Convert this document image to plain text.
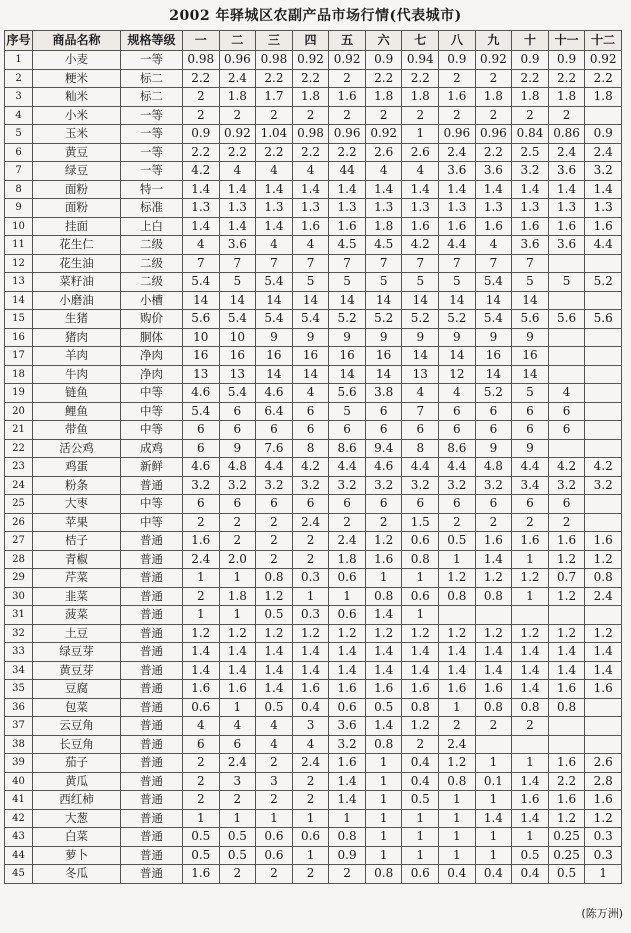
2002 年驿城区农副产品市场行情(代表城市)
序号	商品名称	规格等级	一	二	三	四	五	六	七	八	九	十	十一	十二
1	小麦	一等	0.98	0.96	0.98	0.92	0.92	0.9	0.94	0.9	0.92	0.9	0.9	0.92
2	粳米	标二	2.2	2.4	2.2	2.2	2	2.2	2.2	2	2	2.2	2.2	2.2
3	籼米	标二	2	1.8	1.7	1.8	1.6	1.8	1.8	1.6	1.8	1.8	1.8	1.8
4	小米	一等	2	2	2	2	2	2	2	2	2	2	2	
5	玉米	一等	0.9	0.92	1.04	0.98	0.96	0.92	1	0.96	0.96	0.84	0.86	0.9
6	黄豆	一等	2.2	2.2	2.2	2.2	2.2	2.6	2.6	2.4	2.2	2.5	2.4	2.4
7	绿豆	一等	4.2	4	4	4	44	4	4	3.6	3.6	3.2	3.6	3.2
8	面粉	特一	1.4	1.4	1.4	1.4	1.4	1.4	1.4	1.4	1.4	1.4	1.4	1.4
9	面粉	标准	1.3	1.3	1.3	1.3	1.3	1.3	1.3	1.3	1.3	1.3	1.3	1.3
10	挂面	上白	1.4	1.4	1.4	1.6	1.6	1.8	1.6	1.6	1.6	1.6	1.6	1.6
11	花生仁	二级	4	3.6	4	4	4.5	4.5	4.2	4.4	4	3.6	3.6	4.4
12	花生油	二级	7	7	7	7	7	7	7	7	7	7		
13	菜籽油	二级	5.4	5	5.4	5	5	5	5	5	5.4	5	5	5.2
14	小磨油	小槽	14	14	14	14	14	14	14	14	14	14		
15	生猪	购价	5.6	5.4	5.4	5.4	5.2	5.2	5.2	5.2	5.4	5.6	5.6	5.6
16	猪肉	胴体	10	10	9	9	9	9	9	9	9	9		
17	羊肉	净肉	16	16	16	16	16	16	14	14	16	16		
18	牛肉	净肉	13	13	14	14	14	14	13	12	14	14		
19	链鱼	中等	4.6	5.4	4.6	4	5.6	3.8	4	4	5.2	5	4	
20	鲤鱼	中等	5.4	6	6.4	6	5	6	7	6	6	6	6	
21	带鱼	中等	6	6	6	6	6	6	6	6	6	6	6	
22	活公鸡	成鸡	6	9	7.6	8	8.6	9.4	8	8.6	9	9		
23	鸡蛋	新鲜	4.6	4.8	4.4	4.2	4.4	4.6	4.4	4.4	4.8	4.4	4.2	4.2
24	粉条	普通	3.2	3.2	3.2	3.2	3.2	3.2	3.2	3.2	3.2	3.4	3.2	3.2
25	大枣	中等	6	6	6	6	6	6	6	6	6	6	6	
26	苹果	中等	2	2	2	2.4	2	2	1.5	2	2	2	2	
27	桔子	普通	1.6	2	2	2	2.4	1.2	0.6	0.5	1.6	1.6	1.6	1.6
28	青椒	普通	2.4	2.0	2	2	1.8	1.6	0.8	1	1.4	1	1.2	1.2
29	芹菜	普通	1	1	0.8	0.3	0.6	1	1	1.2	1.2	1.2	0.7	0.8
30	韭菜	普通	2	1.8	1.2	1	1	0.8	0.6	0.8	0.8	1	1.2	2.4
31	菠菜	普通	1	1	0.5	0.3	0.6	1.4	1					
32	土豆	普通	1.2	1.2	1.2	1.2	1.2	1.2	1.2	1.2	1.2	1.2	1.2	1.2
33	绿豆芽	普通	1.4	1.4	1.4	1.4	1.4	1.4	1.4	1.4	1.4	1.4	1.4	1.4
34	黄豆芽	普通	1.4	1.4	1.4	1.4	1.4	1.4	1.4	1.4	1.4	1.4	1.4	1.4
35	豆腐	普通	1.6	1.6	1.4	1.6	1.6	1.6	1.6	1.6	1.6	1.4	1.6	1.6
36	包菜	普通	0.6	1	0.5	0.4	0.6	0.5	0.8	1	0.8	0.8	0.8	
37	云豆角	普通	4	4	4	3	3.6	1.4	1.2	2	2	2		
38	长豆角	普通	6	6	4	4	3.2	0.8	2	2.4				
39	茄子	普通	2	2.4	2	2.4	1.6	1	0.4	1.2	1	1	1.6	2.6
40	黄瓜	普通	2	3	3	2	1.4	1	0.4	0.8	0.1	1.4	2.2	2.8
41	西红柿	普通	2	2	2	2	1.4	1	0.5	1	1	1.6	1.6	1.6
42	大葱	普通	1	1	1	1	1	1	1	1	1.4	1.4	1.2	1.2
43	白菜	普通	0.5	0.5	0.6	0.6	0.8	1	1	1	1	1	0.25	0.3
44	萝卜	普通	0.5	0.5	0.6	1	0.9	1	1	1	1	0.5	0.25	0.3
45	冬瓜	普通	1.6	2	2	2	2	0.8	0.6	0.4	0.4	0.4	0.5	1
(陈万洲)
